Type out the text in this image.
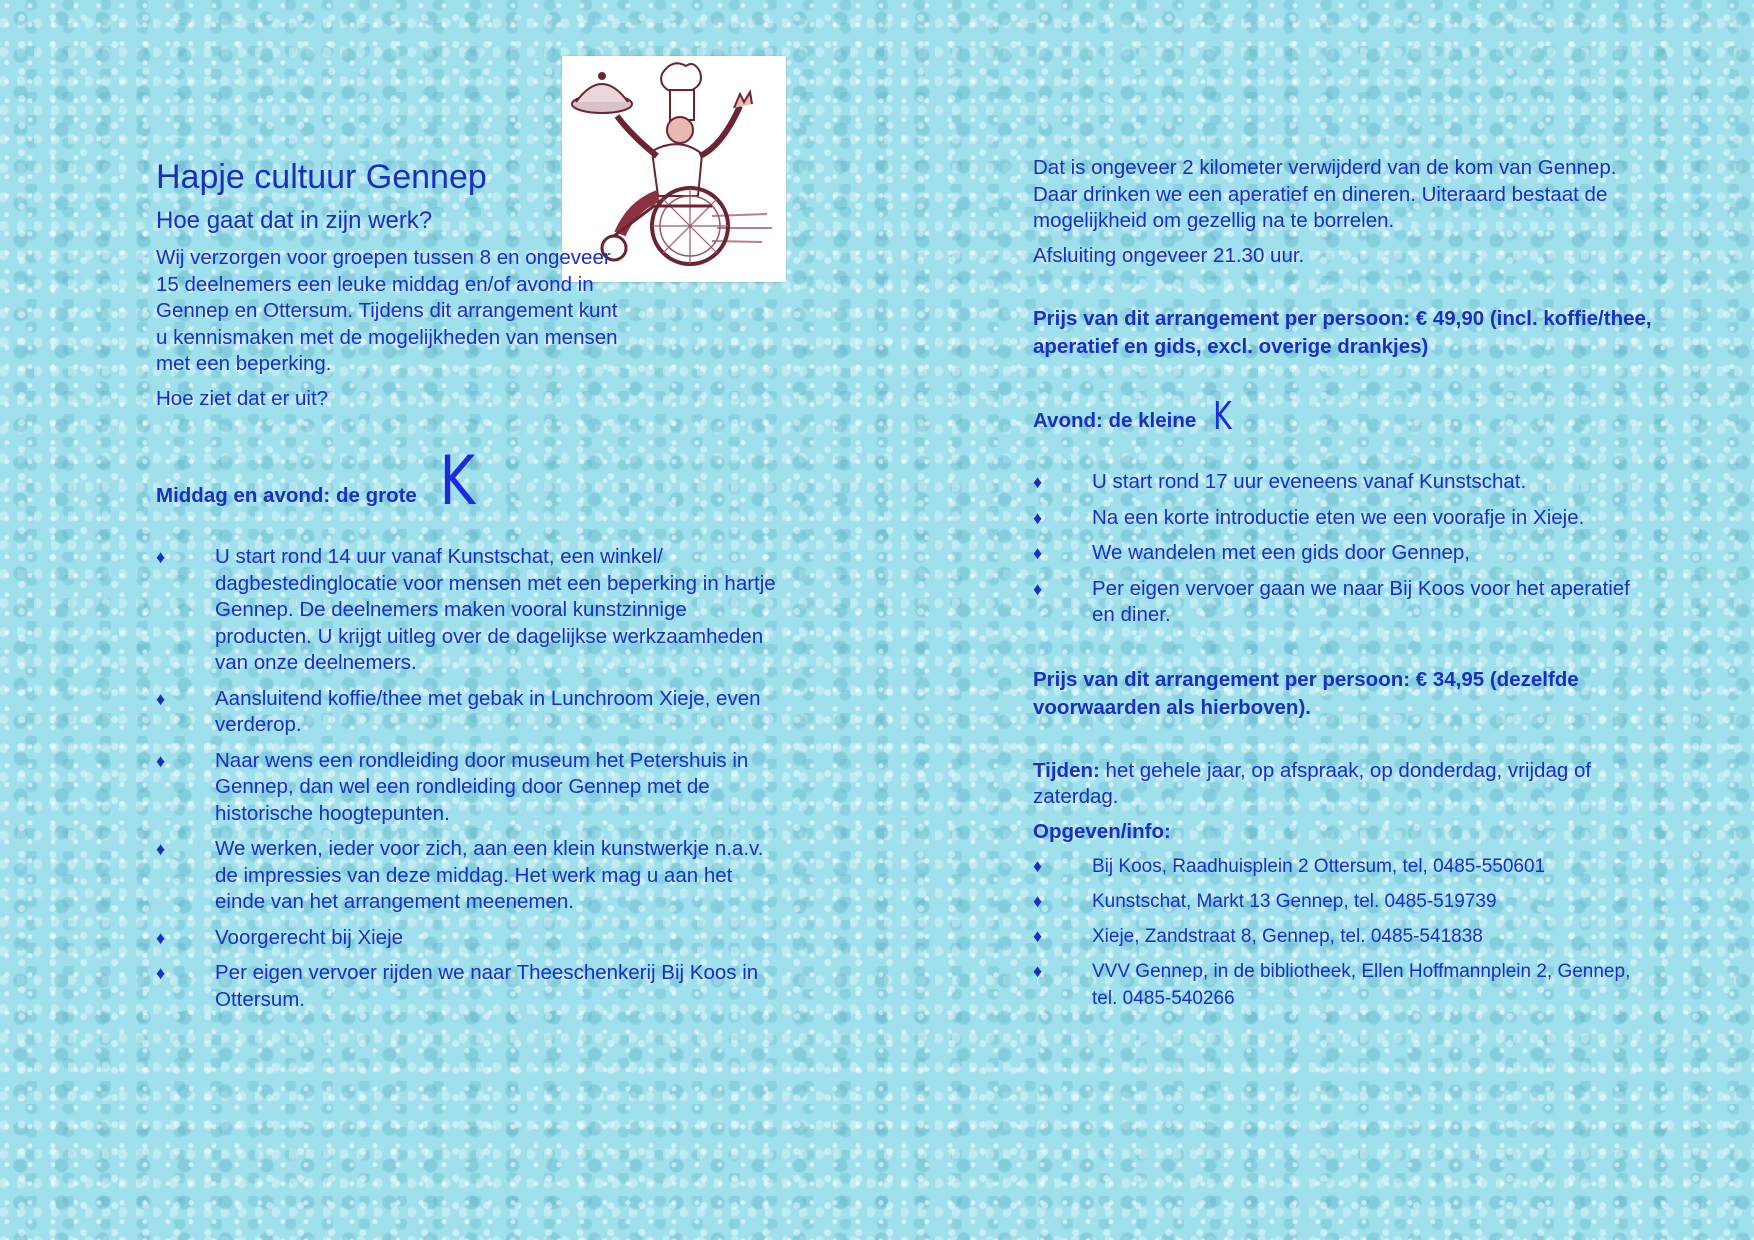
Hapje cultuur Gennep
Hoe gaat dat in zijn werk?

Wij verzorgen voor groepen tussen 8 en ongeveer 15 deelnemers een leuke middag en/of avond in Gennep en Ottersum. Tijdens dit arrangement kunt u kennismaken met de mogelijkheden van mensen met een beperking.

Hoe ziet dat er uit?

Middag en avond: de grote K
♦	U start rond 14 uur vanaf Kunstschat, een winkel/ dagbestedinglocatie voor mensen met een beperking in hartje Gennep. De deelnemers maken vooral kunstzinnige producten. U krijgt uitleg over de dagelijkse werkzaamheden van onze deelnemers.
♦	Aansluitend koffie/thee met gebak in Lunchroom Xieje, even verderop.
♦	Naar wens een rondleiding door museum het Petershuis in Gennep, dan wel een rondleiding door Gennep met de historische hoogtepunten.
♦	We werken, ieder voor zich, aan een klein kunstwerkje n.a.v. de impressies van deze middag. Het werk mag u aan het einde van het arrangement meenemen.
♦	Voorgerecht bij Xieje
♦	Per eigen vervoer rijden we naar Theeschenkerij Bij Koos in Ottersum.

Dat is ongeveer 2 kilometer verwijderd van de kom van Gennep. Daar drinken we een aperatief en dineren. Uiteraard bestaat de mogelijkheid om gezellig na te borrelen.

Afsluiting ongeveer 21.30 uur.

Prijs van dit arrangement per persoon: € 49,90 (incl. koffie/thee, aperatief en gids, excl. overige drankjes)

Avond: de kleine K
♦	U start rond 17 uur eveneens vanaf Kunstschat.
♦	Na een korte introductie eten we een voorafje in Xieje.
♦	We wandelen met een gids door Gennep,
♦	Per eigen vervoer gaan we naar Bij Koos voor het aperatief en diner.

Prijs van dit arrangement per persoon: € 34,95 (dezelfde voorwaarden als hierboven).

Tijden: het gehele jaar, op afspraak, op donderdag, vrijdag of zaterdag.

Opgeven/info:

♦	Bij Koos, Raadhuisplein 2 Ottersum, tel, 0485-550601
♦	Kunstschat, Markt 13 Gennep, tel. 0485-519739
♦	Xieje, Zandstraat 8, Gennep, tel. 0485-541838
♦	VVV Gennep, in de bibliotheek, Ellen Hoffmannplein 2, Gennep, tel. 0485-540266
